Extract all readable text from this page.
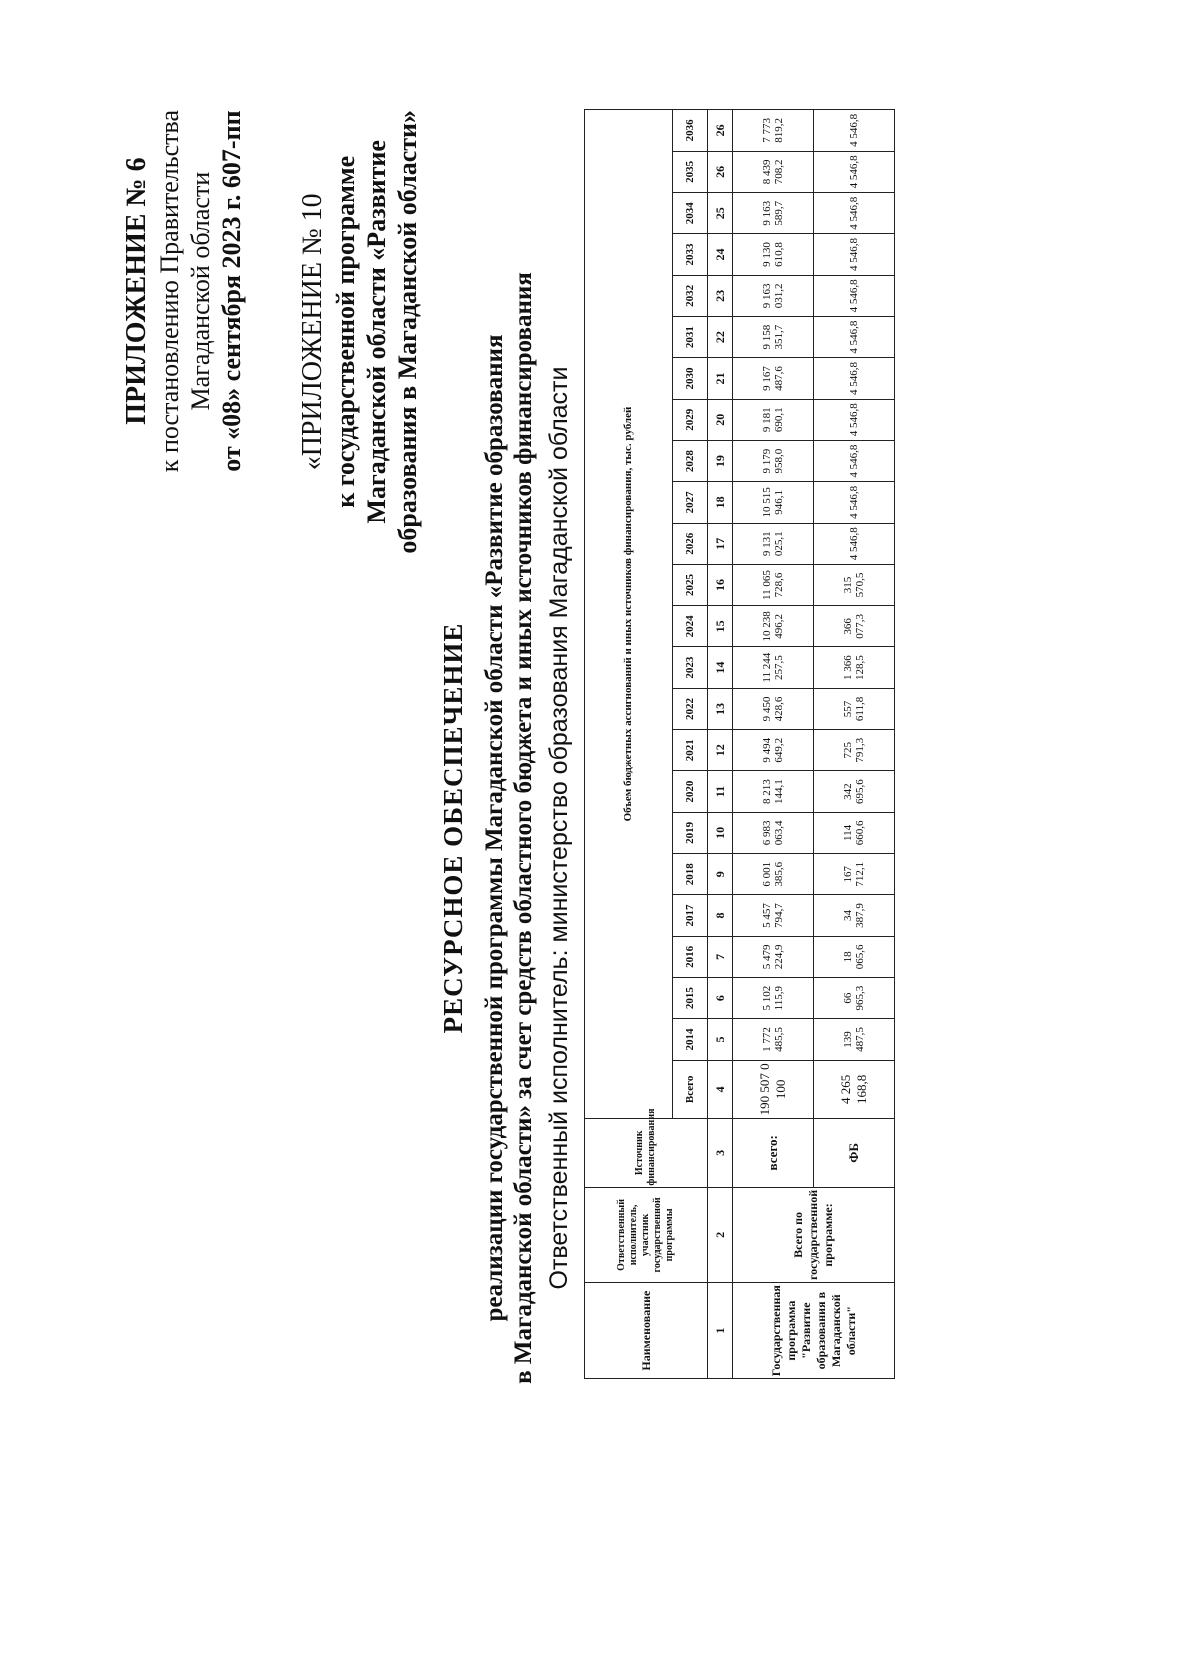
ПРИЛОЖЕНИЕ № 6 к постановлению Правительства Магаданской области от «08» сентября 2023 г. 607-пп «ПРИЛОЖЕНИЕ № 10 к государственной программе Магаданской области «Развитие образования в Магаданской области»
РЕСУРСНОЕ ОБЕСПЕЧЕНИЕ реализации государственной программы Магаданской области «Развитие образования в Магаданской области» за счет средств областного бюджета и иных источников финансирования Ответственный исполнитель: министерство образования Магаданской области
Наименование	Ответственный исполнитель, участник государственной программы	Источник финансирования	Объем бюджетных ассигнований и иных источников финансирования, тыс. рублей																							
			Всего	2014	2015	2016	2017	2018	2019	2020	2021	2022	2023	2024	2025	2026	2027	2028	2029	2030	2031	2032	2033	2034	2035	2036
1	2	3	4	5	6	7	8	9	10	11	12	13	14	15	16	17	18	19	20	21	22	23	24	25	26	26
Государственная программа "Развитие образования в Магаданской области"	Всего по государственной программе:	всего:	190 507 0 100	1 772 485,5	5 102 115,9	5 479 224,9	5 457 794,7	6 001 385,6	6 983 063,4	8 213 144,1	9 494 649,2	9 450 428,6	11 244 257,5	10 238 496,2	11 065 728,6	9 131 025,1	10 515 946,1	9 179 958,0	9 181 690,1	9 167 487,6	9 158 351,7	9 163 031,2	9 130 610,8	9 163 589,7	8 439 708,2	7 773 819,2
		ФБ	4 265 168,8	139 487,5	66 965,3	18 065,6	34 387,9	167 712,1	114 660,6	342 695,6	725 791,3	557 611,8	1 366 128,5	366 077,3	315 570,5	4 546,8	4 546,8	4 546,8	4 546,8	4 546,8	4 546,8	4 546,8	4 546,8	4 546,8	4 546,8	4 546,8
